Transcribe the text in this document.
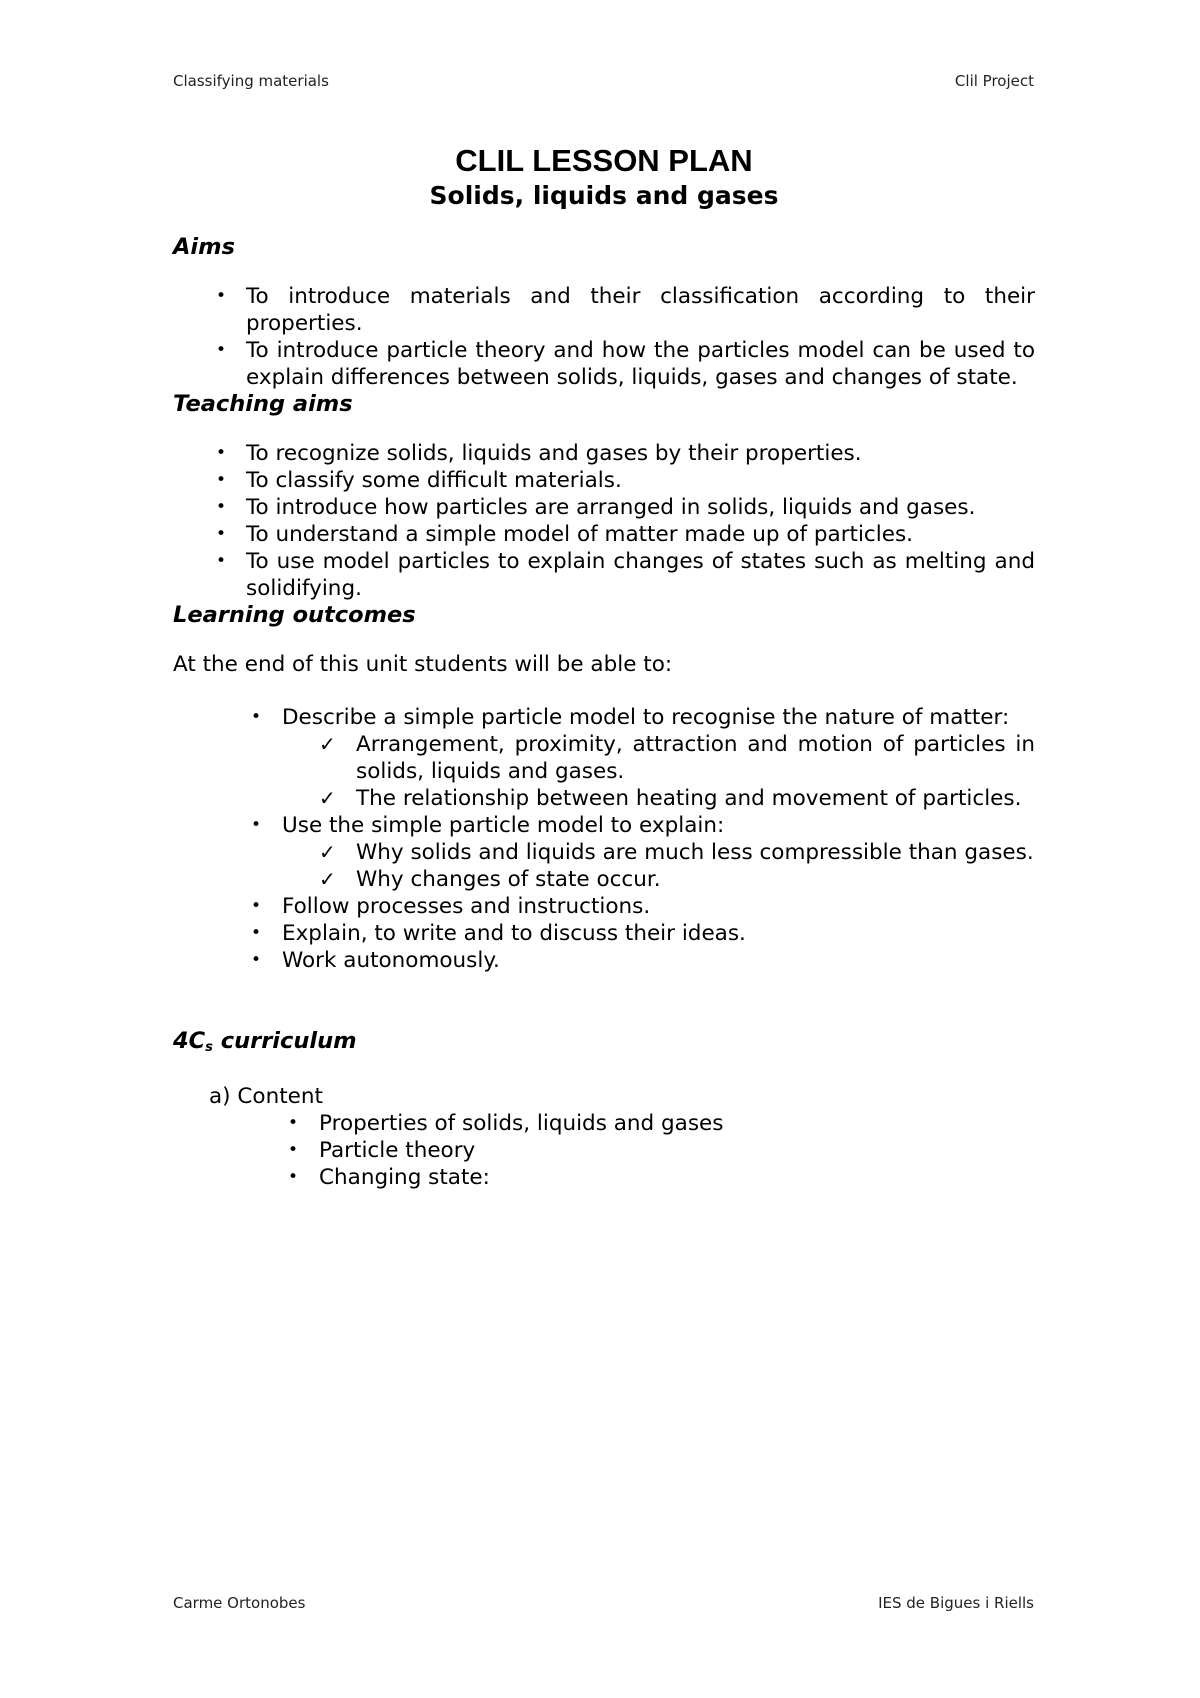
Classifying materials	Clil Project
CLIL LESSON PLAN
Solids, liquids and gases
Aims
• To introduce materials and their classification according to their properties.
• To introduce particle theory and how the particles model can be used to explain differences between solids, liquids, gases and changes of state.
Teaching aims
• To recognize solids, liquids and gases by their properties.
• To classify some difficult materials.
• To introduce how particles are arranged in solids, liquids and gases.
• To understand a simple model of matter made up of particles.
• To use model particles to explain changes of states such as melting and solidifying.
Learning outcomes

At the end of this unit students will be able to:

• Describe a simple particle model to recognise the nature of matter:
✓ Arrangement, proximity, attraction and motion of particles in solids, liquids and gases.
✓ The relationship between heating and movement of particles.
• Use the simple particle model to explain:
✓ Why solids and liquids are much less compressible than gases.
✓ Why changes of state occur.
• Follow processes and instructions.
• Explain, to write and to discuss their ideas.
• Work autonomously.
$4C_s$ curriculum
a) Content
• Properties of solids, liquids and gases
• Particle theory
• Changing state:
Carme Ortonobes	IES de Bigues i Riells
